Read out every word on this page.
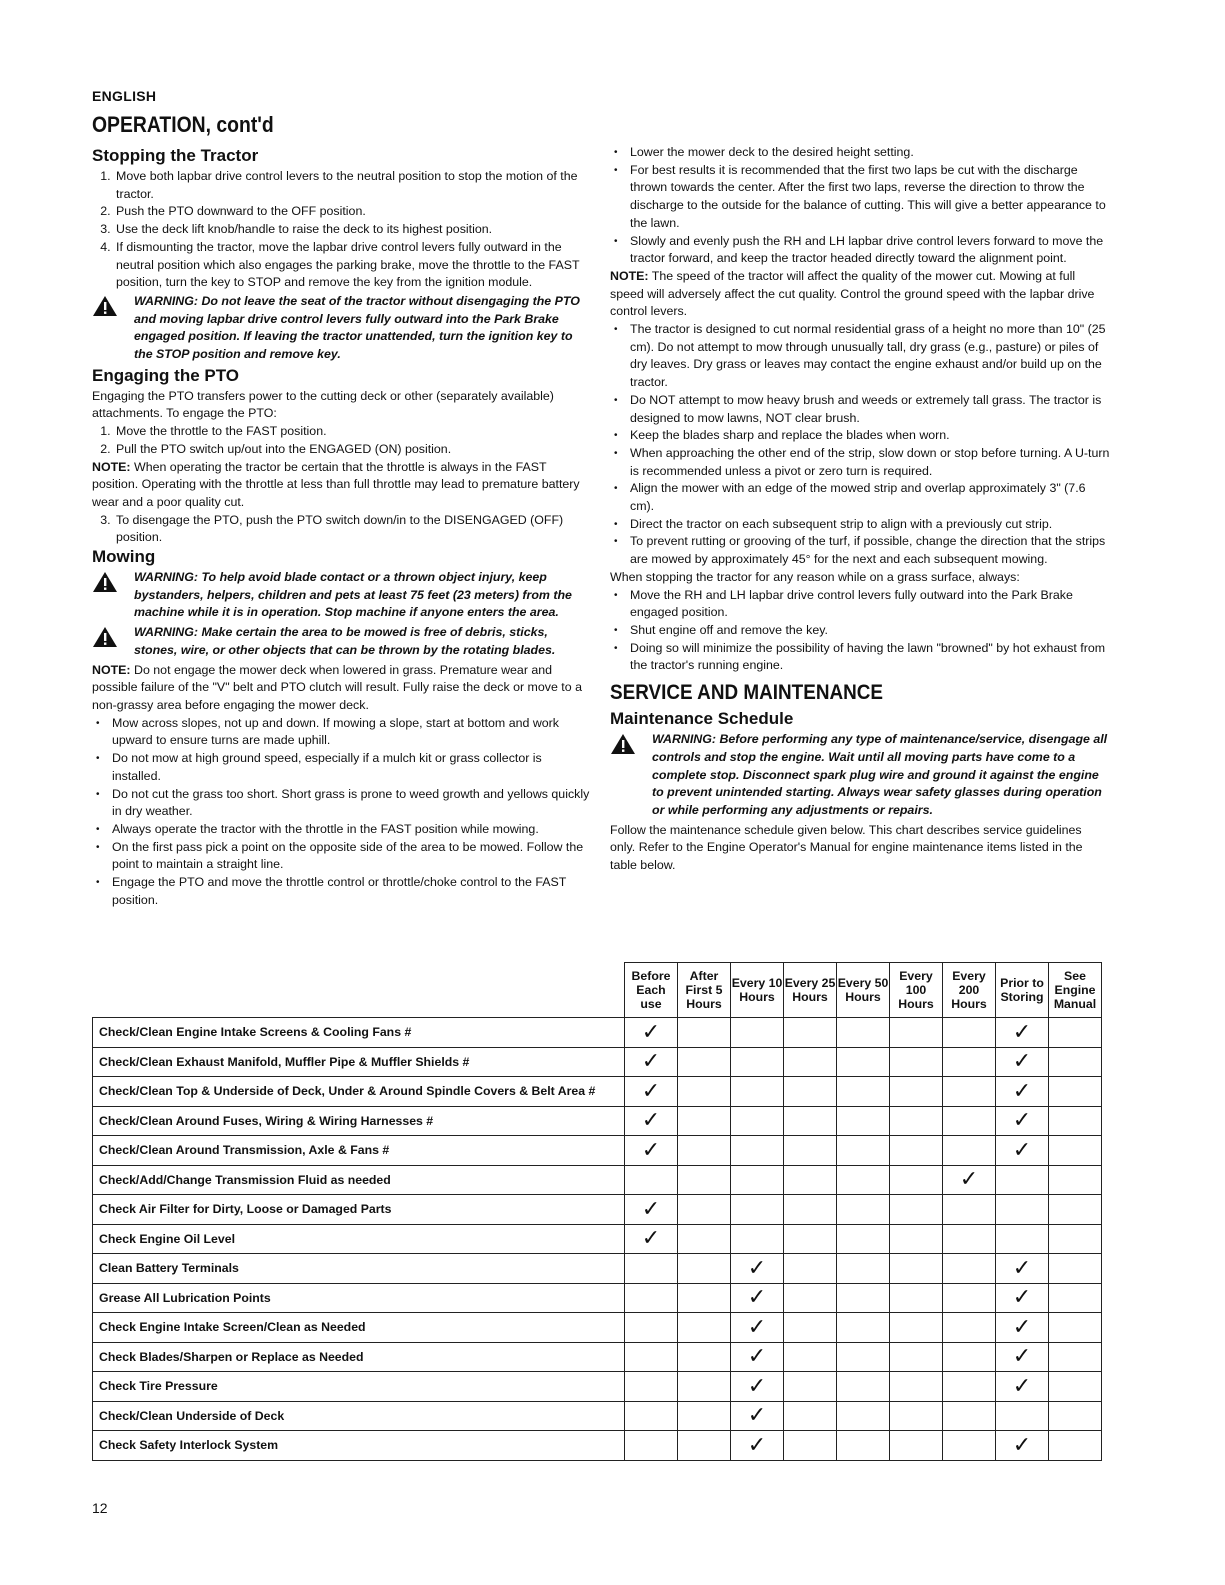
ENGLISH
OPERATION, cont'd
Stopping the Tractor
1. Move both lapbar drive control levers to the neutral position to stop the motion of the tractor.
2. Push the PTO downward to the OFF position.
3. Use the deck lift knob/handle to raise the deck to its highest position.
4. If dismounting the tractor, move the lapbar drive control levers fully outward in the neutral position which also engages the parking brake, move the throttle to the FAST position, turn the key to STOP and remove the key from the ignition module.
WARNING: Do not leave the seat of the tractor without disengaging the PTO and moving lapbar drive control levers fully outward into the Park Brake engaged position. If leaving the tractor unattended, turn the ignition key to the STOP position and remove key.
Engaging the PTO

Engaging the PTO transfers power to the cutting deck or other (separately available) attachments. To engage the PTO:

1. Move the throttle to the FAST position.
2. Pull the PTO switch up/out into the ENGAGED (ON) position.

NOTE: When operating the tractor be certain that the throttle is always in the FAST position. Operating with the throttle at less than full throttle may lead to premature battery wear and a poor quality cut.

3. To disengage the PTO, push the PTO switch down/in to the DISENGAGED (OFF) position.
Mowing
WARNING: To help avoid blade contact or a thrown object injury, keep bystanders, helpers, children and pets at least 75 feet (23 meters) from the machine while it is in operation. Stop machine if anyone enters the area.
WARNING: Make certain the area to be mowed is free of debris, sticks, stones, wire, or other objects that can be thrown by the rotating blades.

NOTE: Do not engage the mower deck when lowered in grass. Premature wear and possible failure of the "V" belt and PTO clutch will result. Fully raise the deck or move to a non-grassy area before engaging the mower deck.

• Mow across slopes, not up and down. If mowing a slope, start at bottom and work upward to ensure turns are made uphill.
• Do not mow at high ground speed, especially if a mulch kit or grass collector is installed.
• Do not cut the grass too short. Short grass is prone to weed growth and yellows quickly in dry weather.
• Always operate the tractor with the throttle in the FAST position while mowing.
• On the first pass pick a point on the opposite side of the area to be mowed. Follow the point to maintain a straight line.
• Engage the PTO and move the throttle control or throttle/choke control to the FAST position.
• Lower the mower deck to the desired height setting.
• For best results it is recommended that the first two laps be cut with the discharge thrown towards the center. After the first two laps, reverse the direction to throw the discharge to the outside for the balance of cutting. This will give a better appearance to the lawn.
• Slowly and evenly push the RH and LH lapbar drive control levers forward to move the tractor forward, and keep the tractor headed directly toward the alignment point.

NOTE: The speed of the tractor will affect the quality of the mower cut. Mowing at full speed will adversely affect the cut quality. Control the ground speed with the lapbar drive control levers.

• The tractor is designed to cut normal residential grass of a height no more than 10" (25 cm). Do not attempt to mow through unusually tall, dry grass (e.g., pasture) or piles of dry leaves. Dry grass or leaves may contact the engine exhaust and/or build up on the tractor.
• Do NOT attempt to mow heavy brush and weeds or extremely tall grass. The tractor is designed to mow lawns, NOT clear brush.
• Keep the blades sharp and replace the blades when worn.
• When approaching the other end of the strip, slow down or stop before turning. A U-turn is recommended unless a pivot or zero turn is required.
• Align the mower with an edge of the mowed strip and overlap approximately 3" (7.6 cm).
• Direct the tractor on each subsequent strip to align with a previously cut strip.
• To prevent rutting or grooving of the turf, if possible, change the direction that the strips are mowed by approximately 45° for the next and each subsequent mowing.

When stopping the tractor for any reason while on a grass surface, always:

• Move the RH and LH lapbar drive control levers fully outward into the Park Brake engaged position.
• Shut engine off and remove the key.
• Doing so will minimize the possibility of having the lawn "browned" by hot exhaust from the tractor's running engine.
SERVICE AND MAINTENANCE
Maintenance Schedule
WARNING: Before performing any type of maintenance/service, disengage all controls and stop the engine. Wait until all moving parts have come to a complete stop. Disconnect spark plug wire and ground it against the engine to prevent unintended starting. Always wear safety glasses during operation or while performing any adjustments or repairs.

Follow the maintenance schedule given below. This chart describes service guidelines only. Refer to the Engine Operator's Manual for engine maintenance items listed in the table below.

	Before Each use	After First 5 Hours	Every 10 Hours	Every 25 Hours	Every 50 Hours	Every 100 Hours	Every 200 Hours	Prior to Storing	See Engine Manual
Check/Clean Engine Intake Screens & Cooling Fans #	✓							✓	
Check/Clean Exhaust Manifold, Muffler Pipe & Muffler Shields #	✓							✓	
Check/Clean Top & Underside of Deck, Under & Around Spindle Covers & Belt Area #	✓							✓	
Check/Clean Around Fuses, Wiring & Wiring Harnesses #	✓							✓	
Check/Clean Around Transmission, Axle & Fans #	✓							✓	
Check/Add/Change Transmission Fluid as needed							✓		
Check Air Filter for Dirty, Loose or Damaged Parts	✓								
Check Engine Oil Level	✓								
Clean Battery Terminals			✓					✓	
Grease All Lubrication Points			✓					✓	
Check Engine Intake Screen/Clean as Needed			✓					✓	
Check Blades/Sharpen or Replace as Needed			✓					✓	
Check Tire Pressure			✓					✓	
Check/Clean Underside of Deck			✓						
Check Safety Interlock System			✓					✓	
12
